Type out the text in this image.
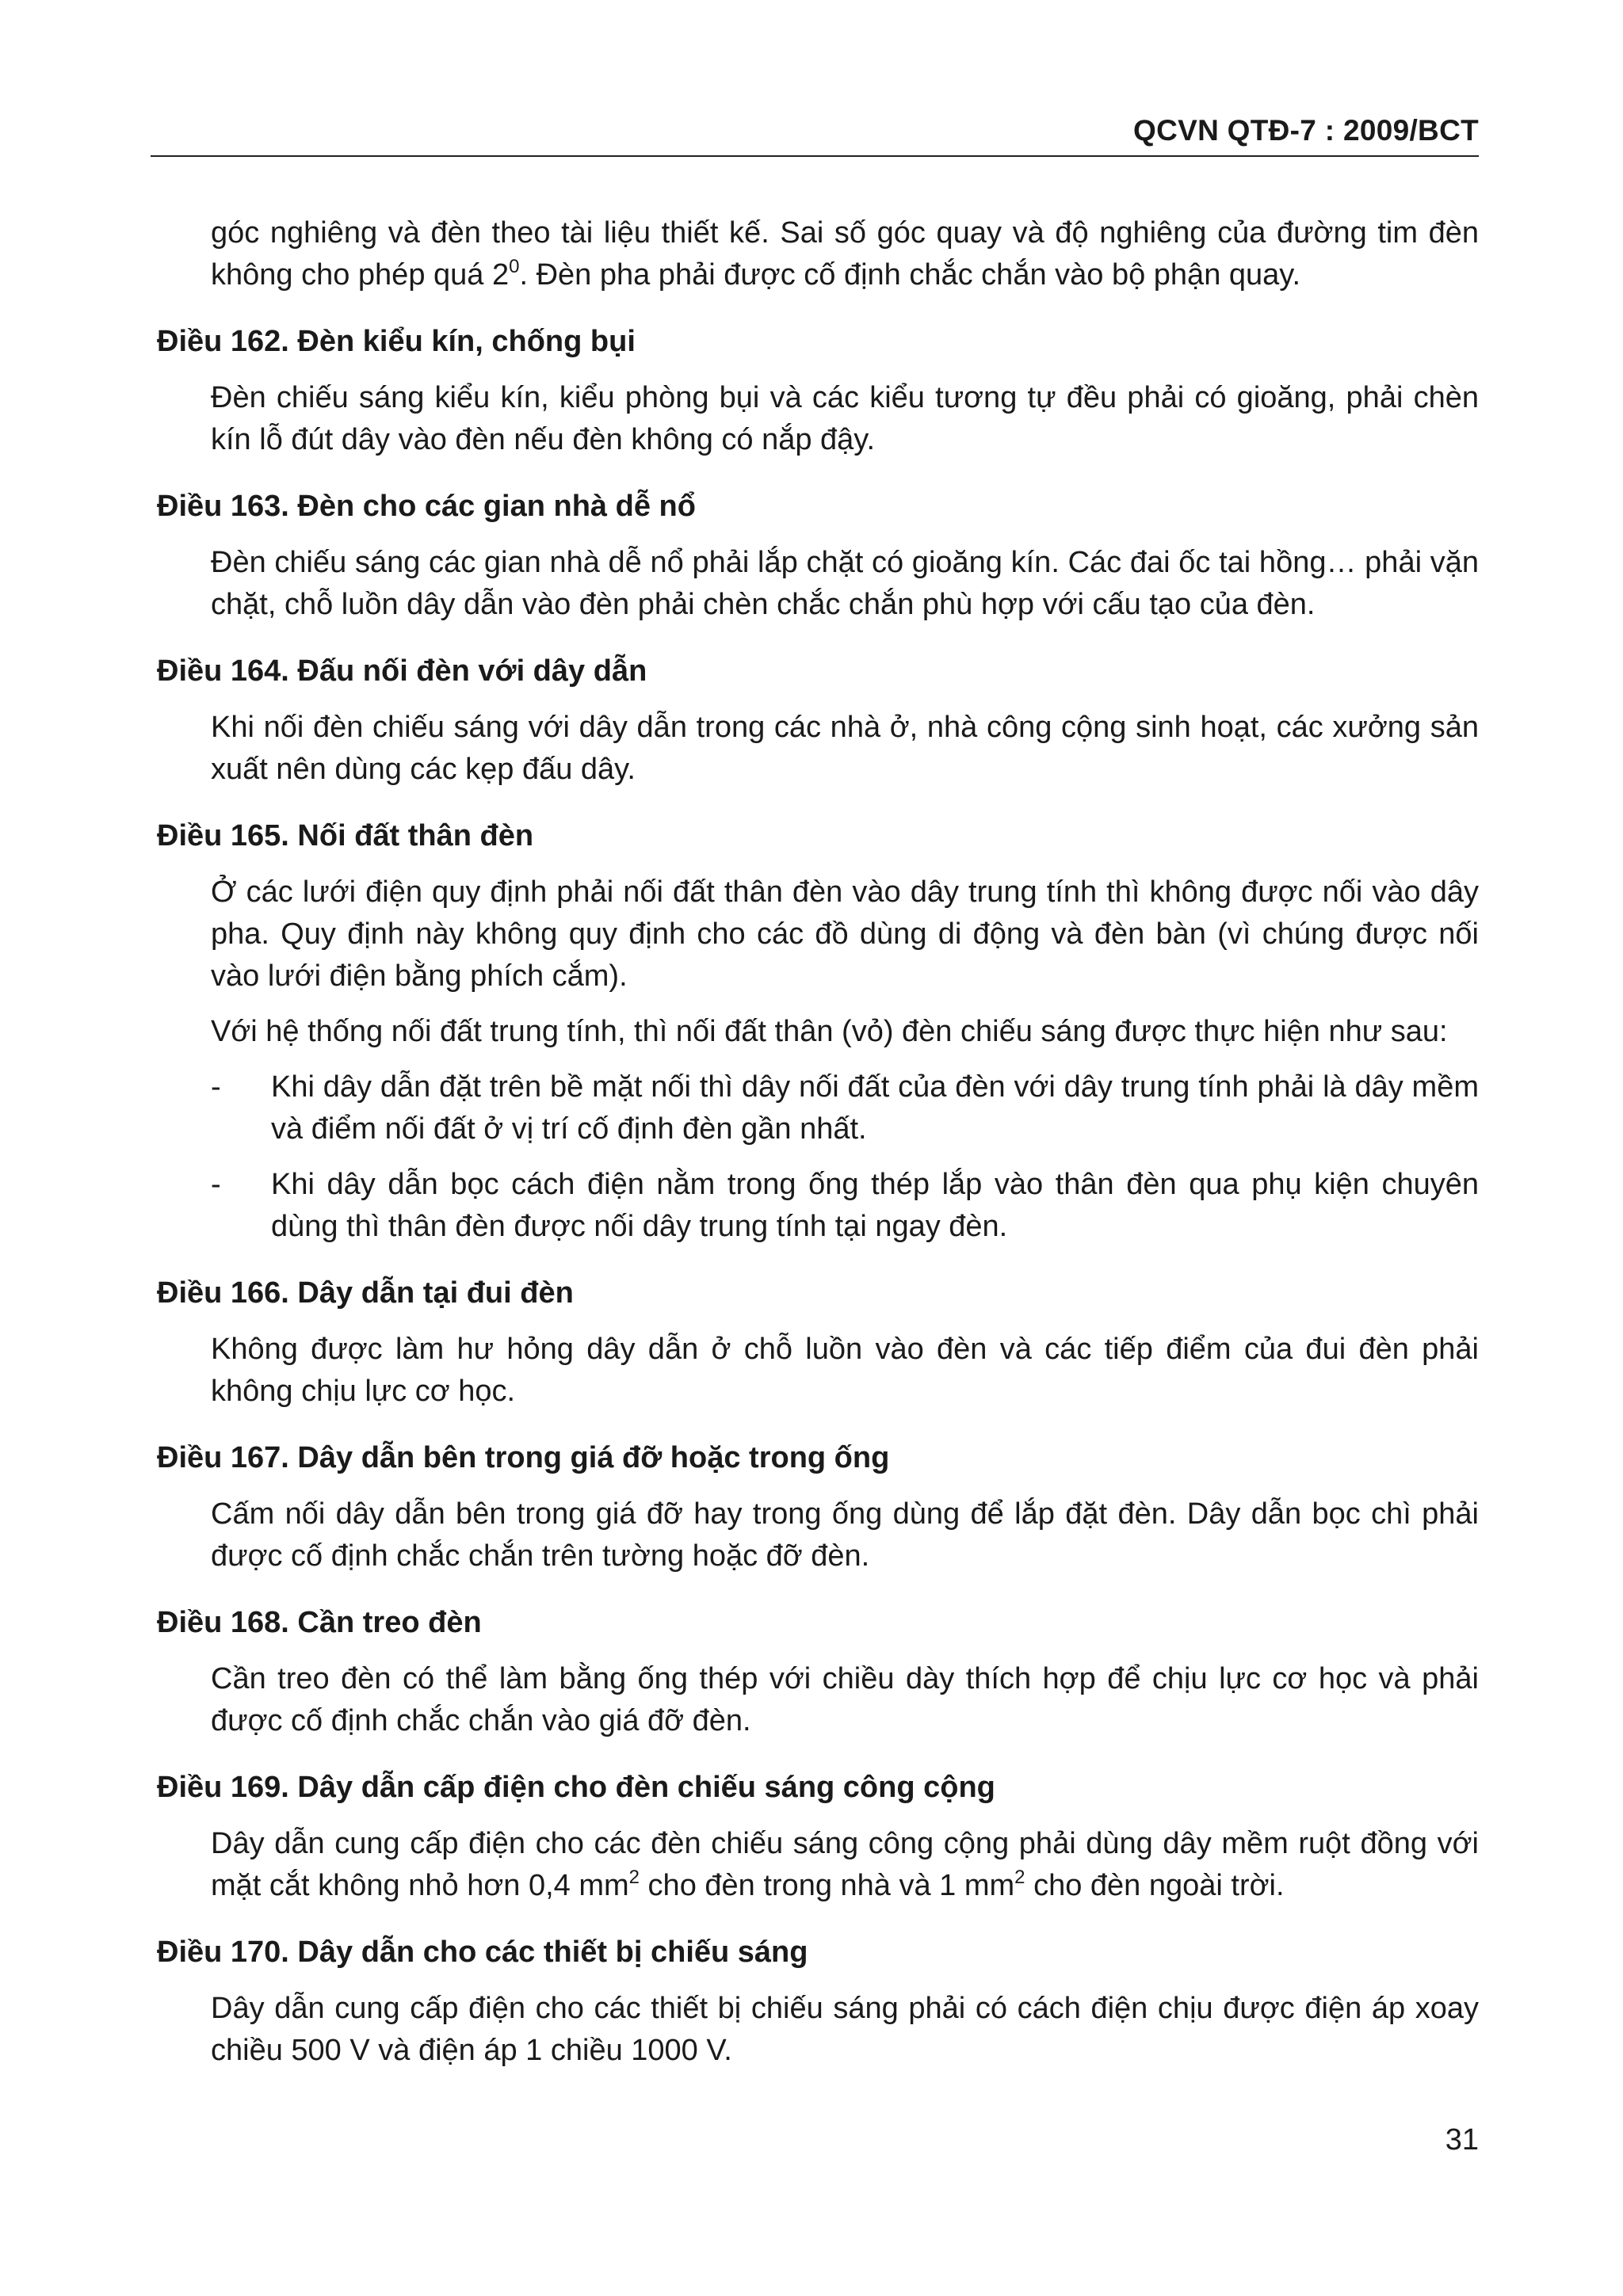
QCVN QTĐ-7 : 2009/BCT

góc nghiêng và đèn theo tài liệu thiết kế. Sai số góc quay và độ nghiêng của đường tim đèn không cho phép quá $2^0$. Đèn pha phải được cố định chắc chắn vào bộ phận quay.

Điều 162. Đèn kiểu kín, chống bụi

Đèn chiếu sáng kiểu kín, kiểu phòng bụi và các kiểu tương tự đều phải có gioăng, phải chèn kín lỗ đút dây vào đèn nếu đèn không có nắp đậy.

Điều 163. Đèn cho các gian nhà dễ nổ

Đèn chiếu sáng các gian nhà dễ nổ phải lắp chặt có gioăng kín. Các đai ốc tai hồng… phải vặn chặt, chỗ luồn dây dẫn vào đèn phải chèn chắc chắn phù hợp với cấu tạo của đèn.

Điều 164. Đấu nối đèn với dây dẫn

Khi nối đèn chiếu sáng với dây dẫn trong các nhà ở, nhà công cộng sinh hoạt, các xưởng sản xuất nên dùng các kẹp đấu dây.

Điều 165. Nối đất thân đèn

Ở các lưới điện quy định phải nối đất thân đèn vào dây trung tính thì không được nối vào dây pha. Quy định này không quy định cho các đồ dùng di động và đèn bàn (vì chúng được nối vào lưới điện bằng phích cắm).

Với hệ thống nối đất trung tính, thì nối đất thân (vỏ) đèn chiếu sáng được thực hiện như sau:

- Khi dây dẫn đặt trên bề mặt nối thì dây nối đất của đèn với dây trung tính phải là dây mềm và điểm nối đất ở vị trí cố định đèn gần nhất.
- Khi dây dẫn bọc cách điện nằm trong ống thép lắp vào thân đèn qua phụ kiện chuyên dùng thì thân đèn được nối dây trung tính tại ngay đèn.
Điều 166. Dây dẫn tại đui đèn

Không được làm hư hỏng dây dẫn ở chỗ luồn vào đèn và các tiếp điểm của đui đèn phải không chịu lực cơ học.

Điều 167. Dây dẫn bên trong giá đỡ hoặc trong ống

Cấm nối dây dẫn bên trong giá đỡ hay trong ống dùng để lắp đặt đèn. Dây dẫn bọc chì phải được cố định chắc chắn trên tường hoặc đỡ đèn.

Điều 168. Cần treo đèn

Cần treo đèn có thể làm bằng ống thép với chiều dày thích hợp để chịu lực cơ học và phải được cố định chắc chắn vào giá đỡ đèn.

Điều 169. Dây dẫn cấp điện cho đèn chiếu sáng công cộng

Dây dẫn cung cấp điện cho các đèn chiếu sáng công cộng phải dùng dây mềm ruột đồng với mặt cắt không nhỏ hơn 0,4 $mm^2$ cho đèn trong nhà và 1 $mm^2$ cho đèn ngoài trời.

Điều 170. Dây dẫn cho các thiết bị chiếu sáng

Dây dẫn cung cấp điện cho các thiết bị chiếu sáng phải có cách điện chịu được điện áp xoay chiều 500 V và điện áp 1 chiều 1000 V.

31
